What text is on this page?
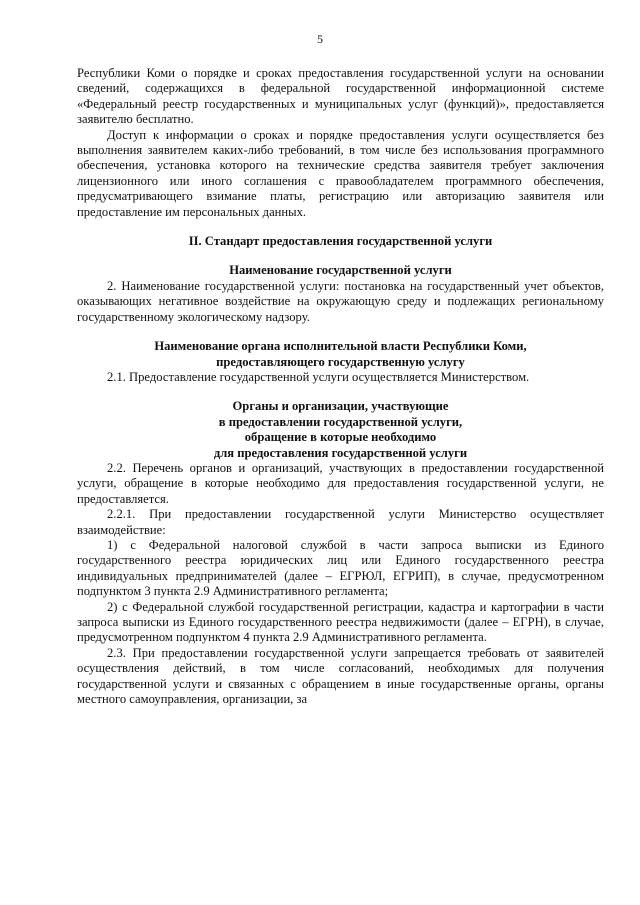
5

Республики Коми о порядке и сроках предоставления государственной услуги на основании сведений, содержащихся в федеральной государственной информационной системе «Федеральный реестр государственных и муниципальных услуг (функций)», предоставляется заявителю бесплатно.

Доступ к информации о сроках и порядке предоставления услуги осуществляется без выполнения заявителем каких-либо требований, в том числе без использования программного обеспечения, установка которого на технические средства заявителя требует заключения лицензионного или иного соглашения с правообладателем программного обеспечения, предусматривающего взимание платы, регистрацию или авторизацию заявителя или предоставление им персональных данных.

II. Стандарт предоставления государственной услуги

Наименование государственной услуги

2. Наименование государственной услуги: постановка на государственный учет объектов, оказывающих негативное воздействие на окружающую среду и подлежащих региональному государственному экологическому надзору.

Наименование органа исполнительной власти Республики Коми,

предоставляющего государственную услугу

2.1. Предоставление государственной услуги осуществляется Министерством.

Органы и организации, участвующие

в предоставлении государственной услуги,

обращение в которые необходимо

для предоставления государственной услуги

2.2. Перечень органов и организаций, участвующих в предоставлении государственной услуги, обращение в которые необходимо для предоставления государственной услуги, не предоставляется.

2.2.1. При предоставлении государственной услуги Министерство осуществляет взаимодействие:

1) с Федеральной налоговой службой в части запроса выписки из Единого государственного реестра юридических лиц или Единого государственного реестра индивидуальных предпринимателей (далее – ЕГРЮЛ, ЕГРИП), в случае, предусмотренном подпунктом 3 пункта 2.9 Административного регламента;

2) с Федеральной службой государственной регистрации, кадастра и картографии в части запроса выписки из Единого государственного реестра недвижимости (далее – ЕГРН), в случае, предусмотренном подпунктом 4 пункта 2.9 Административного регламента.

2.3. При предоставлении государственной услуги запрещается требовать от заявителей осуществления действий, в том числе согласований, необходимых для получения государственной услуги и связанных с обращением в иные государственные органы, органы местного самоуправления, организации, за
